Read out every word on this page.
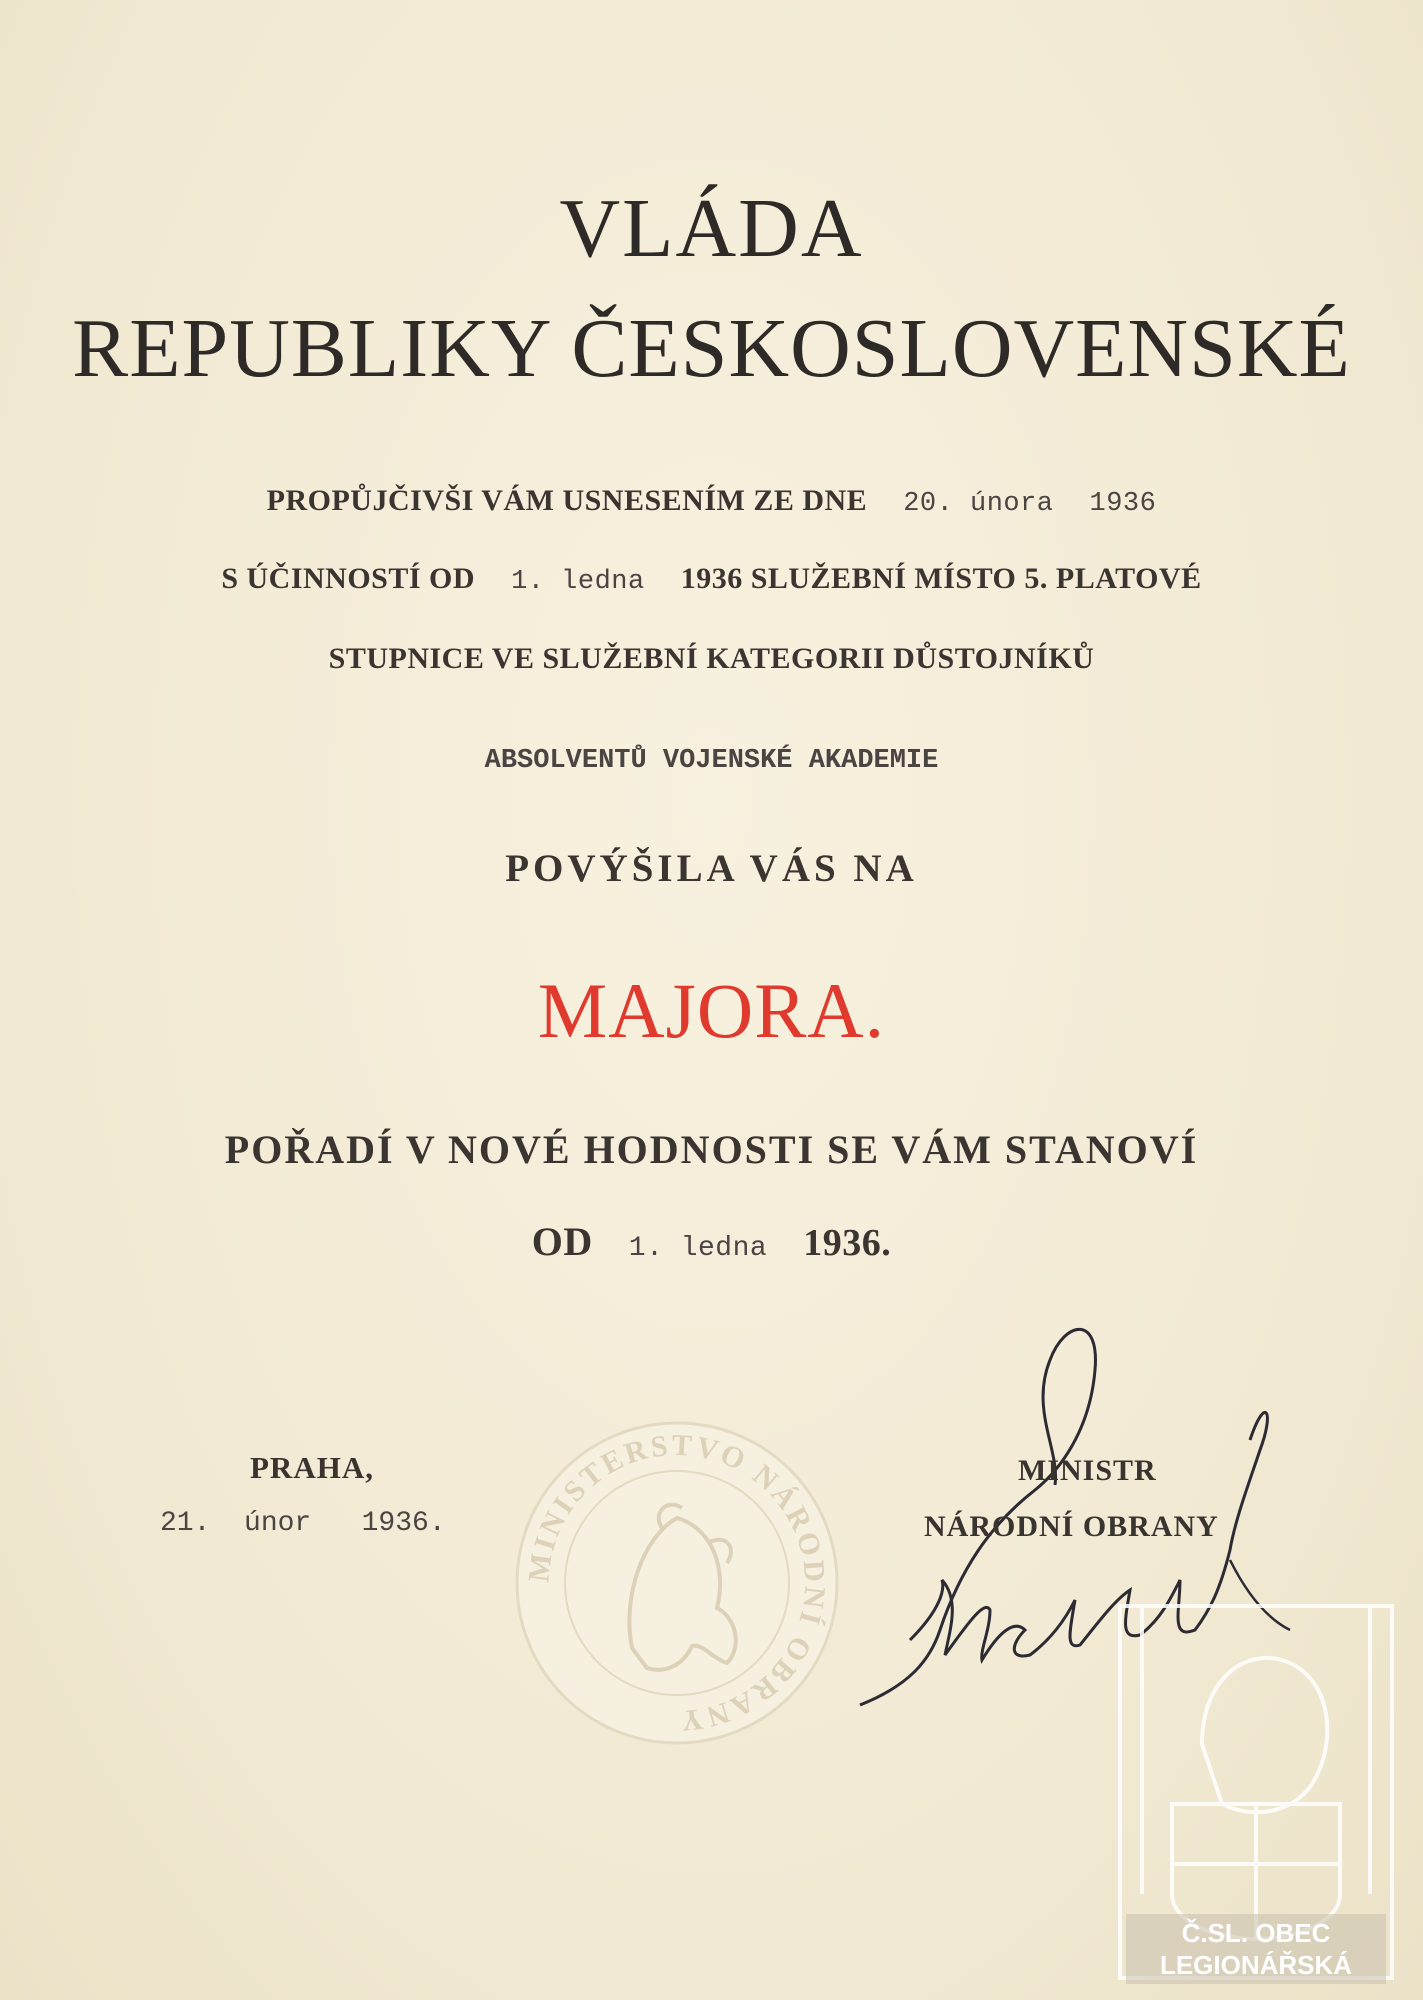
VLÁDA
REPUBLIKY ČESKOSLOVENSKÉ
PROPŮJČIVŠI VÁM USNESENÍM ZE DNE 20. února 1936
S ÚČINNOSTÍ OD 1. ledna 1936 SLUŽEBNÍ MÍSTO 5. PLATOVÉ
STUPNICE VE SLUŽEBNÍ KATEGORII DŮSTOJNÍKŮ
ABSOLVENTŮ VOJENSKÉ AKADEMIE
POVÝŠILA VÁS NA
MAJORA.
POŘADÍ V NOVÉ HODNOSTI SE VÁM STANOVÍ
OD 1. ledna 1936.
MINISTERSTVO NÁRODNÍ OBRANY
PRAHA,
21.  únor   1936.
MINISTR
NÁRODNÍ OBRANY
Č.SL. OBEC
LEGIONÁŘSKÁ
